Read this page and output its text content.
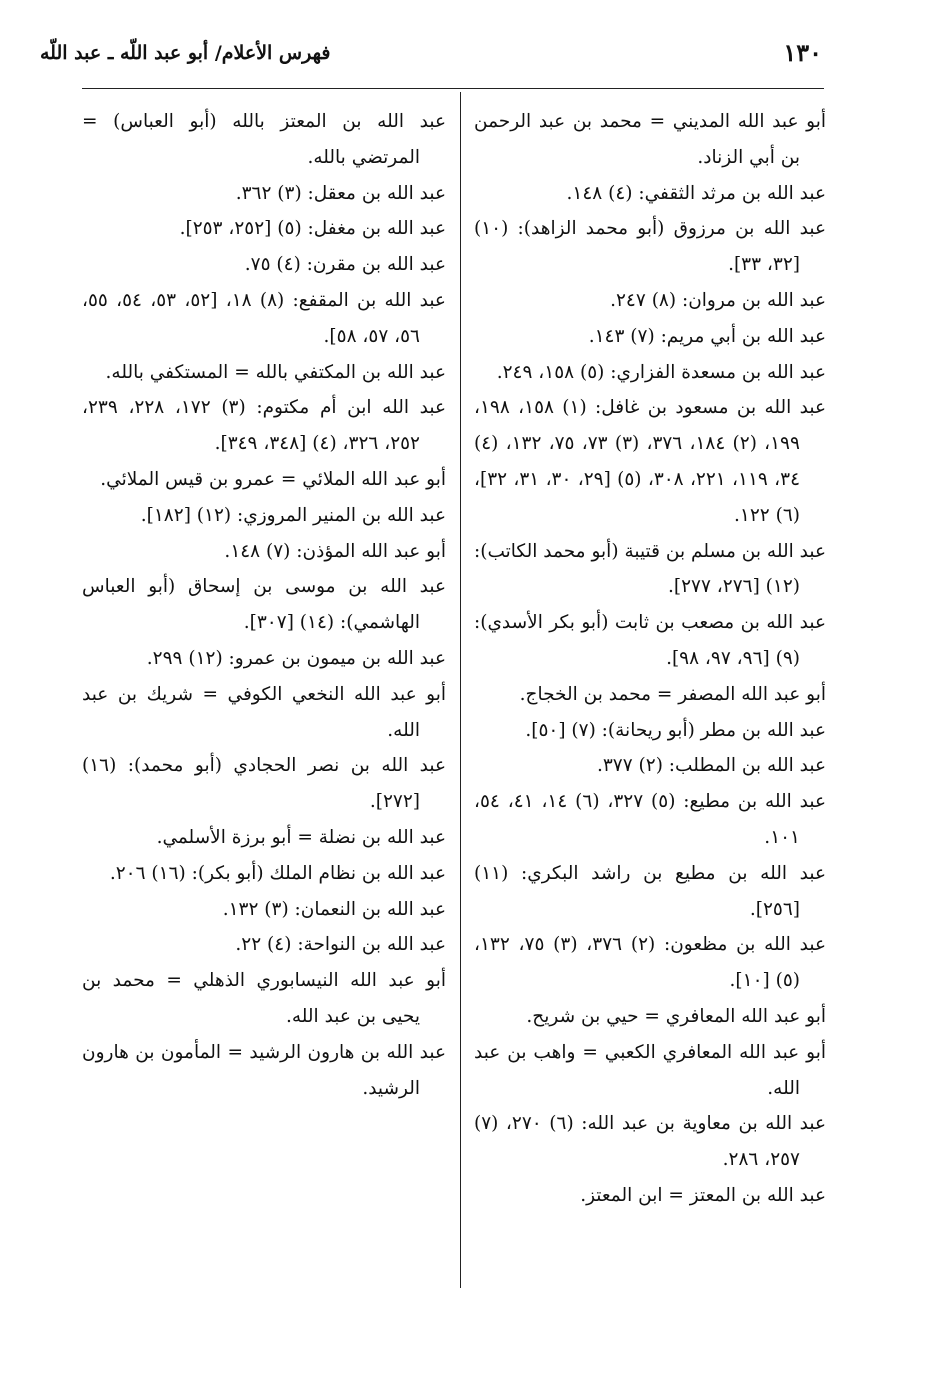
١٣٠
فهرس الأعلام/ أبو عبد اللّه ـ عبد اللّه

أبو عبد الله المديني = محمد بن عبد الرحمن بن أبي الزناد.

عبد الله بن مرثد الثقفي: (٤) ١٤٨.

عبد الله بن مرزوق (أبو محمد الزاهد): (١٠) [٣٢، ٣٣].

عبد الله بن مروان: (٨) ٢٤٧.

عبد الله بن أبي مريم: (٧) ١٤٣.

عبد الله بن مسعدة الفزاري: (٥) ١٥٨، ٢٤٩.

عبد الله بن مسعود بن غافل: (١) ١٥٨، ١٩٨، ١٩٩، (٢) ١٨٤، ٣٧٦، (٣) ٧٣، ٧٥، ١٣٢، (٤) ٣٤، ١١٩، ٢٢١، ٣٠٨، (٥) [٢٩، ٣٠، ٣١، ٣٢]، (٦) ١٢٢.

عبد الله بن مسلم بن قتيبة (أبو محمد الكاتب): (١٢) [٢٧٦، ٢٧٧].

عبد الله بن مصعب بن ثابت (أبو بكر الأسدي): (٩) [٩٦، ٩٧، ٩٨].

أبو عبد الله المصفر = محمد بن الخجاج.

عبد الله بن مطر (أبو ريحانة): (٧) [٥٠].

عبد الله بن المطلب: (٢) ٣٧٧.

عبد الله بن مطيع: (٥) ٣٢٧، (٦) ١٤، ٤١، ٥٤، ١٠١.

عبد الله بن مطيع بن راشد البكري: (١١) [٢٥٦].

عبد الله بن مظعون: (٢) ٣٧٦، (٣) ٧٥، ١٣٢، (٥) [١٠].

أبو عبد الله المعافري = حيي بن شريح.

أبو عبد الله المعافري الكعبي = واهب بن عبد الله.

عبد الله بن معاوية بن عبد الله: (٦) ٢٧٠، (٧) ٢٥٧، ٢٨٦.

عبد الله بن المعتز = ابن المعتز.

عبد الله بن المعتز بالله (أبو العباس) = المرتضي بالله.

عبد الله بن معقل: (٣) ٣٦٢.

عبد الله بن مغفل: (٥) [٢٥٢، ٢٥٣].

عبد الله بن مقرن: (٤) ٧٥.

عبد الله بن المقفع: (٨) ١٨، [٥٢، ٥٣، ٥٤، ٥٥، ٥٦، ٥٧، ٥٨].

عبد الله بن المكتفي بالله = المستكفي بالله.

عبد الله ابن أم مكتوم: (٣) ١٧٢، ٢٢٨، ٢٣٩، ٢٥٢، ٣٢٦، (٤) [٣٤٨، ٣٤٩].

أبو عبد الله الملائي = عمرو بن قيس الملائي.

عبد الله بن المنير المروزي: (١٢) [١٨٢].

أبو عبد الله المؤذن: (٧) ١٤٨.

عبد الله بن موسى بن إسحاق (أبو العباس الهاشمي): (١٤) [٣٠٧].

عبد الله بن ميمون بن عمرو: (١٢) ٢٩٩.

أبو عبد الله النخعي الكوفي = شريك بن عبد الله.

عبد الله بن نصر الحجادي (أبو محمد): (١٦) [٢٧٢].

عبد الله بن نضلة = أبو برزة الأسلمي.

عبد الله بن نظام الملك (أبو بكر): (١٦) ٢٠٦.

عبد الله بن النعمان: (٣) ١٣٢.

عبد الله بن النواحة: (٤) ٢٢.

أبو عبد الله النيسابوري الذهلي = محمد بن يحيى بن عبد الله.

عبد الله بن هارون الرشيد = المأمون بن هارون الرشيد.
